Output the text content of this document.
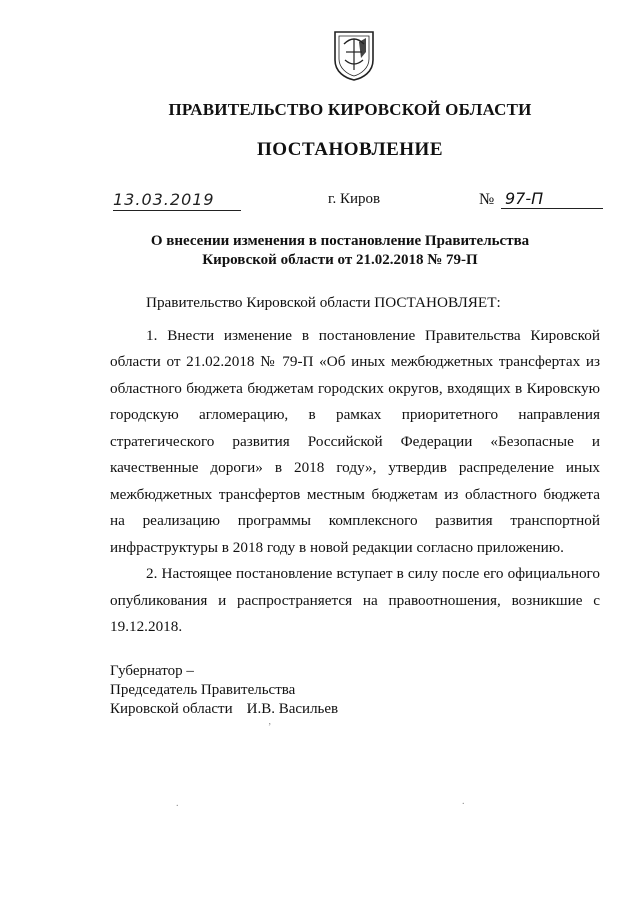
ПРАВИТЕЛЬСТВО КИРОВСКОЙ ОБЛАСТИ
ПОСТАНОВЛЕНИЕ
13.03.2019	г. Киров	№ 97-П
О внесении изменения в постановление Правительства
Кировской области от 21.02.2018 № 79-П

Правительство Кировской области ПОСТАНОВЛЯЕТ:

1. Внести изменение в постановление Правительства Кировской области от 21.02.2018 № 79-П «Об иных межбюджетных трансфертах из областного бюджета бюджетам городских округов, входящих в Кировскую городскую агломерацию, в рамках приоритетного направления стратегического развития Российской Федерации «Безопасные и качественные дороги» в 2018 году», утвердив распределение иных межбюджетных трансфертов местным бюджетам из областного бюджета на реализацию программы комплексного развития транспортной инфраструктуры в 2018 году в новой редакции согласно приложению.

2. Настоящее постановление вступает в силу после его официального опубликования и распространяется на правоотношения, возникшие с 19.12.2018.

Губернатор –
Председатель Правительства
Кировской области И.В. Васильев
ʼ
.	.
